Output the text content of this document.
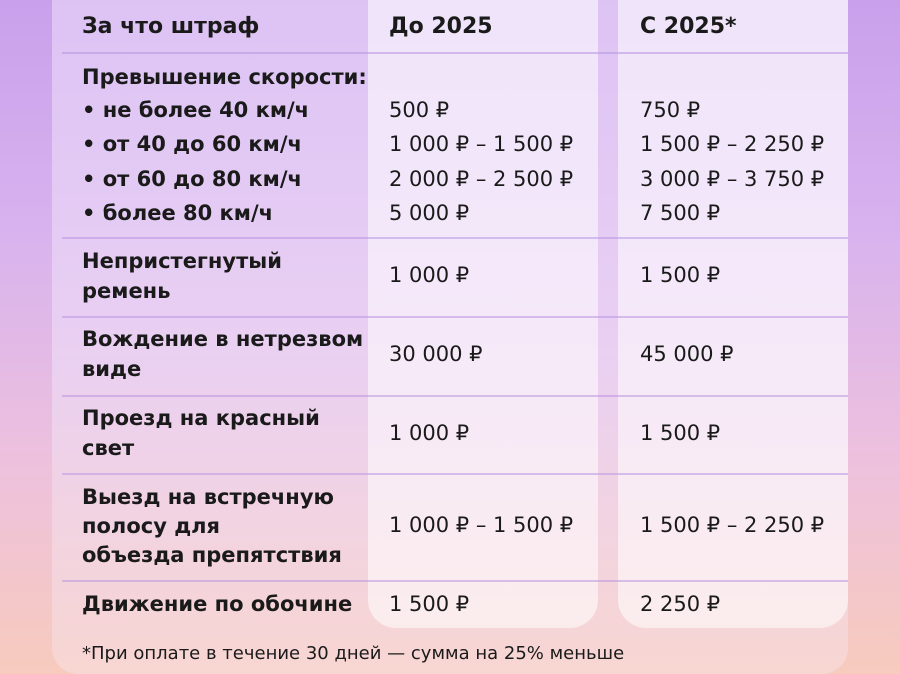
За что штраф	До 2025	С 2025*
Превышение скорости:
• не более 40 км/ч	500 ₽	750 ₽
• от 40 до 60 км/ч	1 000 ₽ – 1 500 ₽	1 500 ₽ – 2 250 ₽
• от 60 до 80 км/ч	2 000 ₽ – 2 500 ₽	3 000 ₽ – 3 750 ₽
• более 80 км/ч	5 000 ₽	7 500 ₽
Непристегнутый
ремень
1 000 ₽	1 500 ₽
Вождение в нетрезвом
виде
30 000 ₽	45 000 ₽
Проезд на красный
свет
1 000 ₽	1 500 ₽
Выезд на встречную
полосу для
объезда препятствия
1 000 ₽ – 1 500 ₽	1 500 ₽ – 2 250 ₽
Движение по обочине 1 500 ₽	2 250 ₽
*При оплате в течение 30 дней — сумма на 25% меньше
